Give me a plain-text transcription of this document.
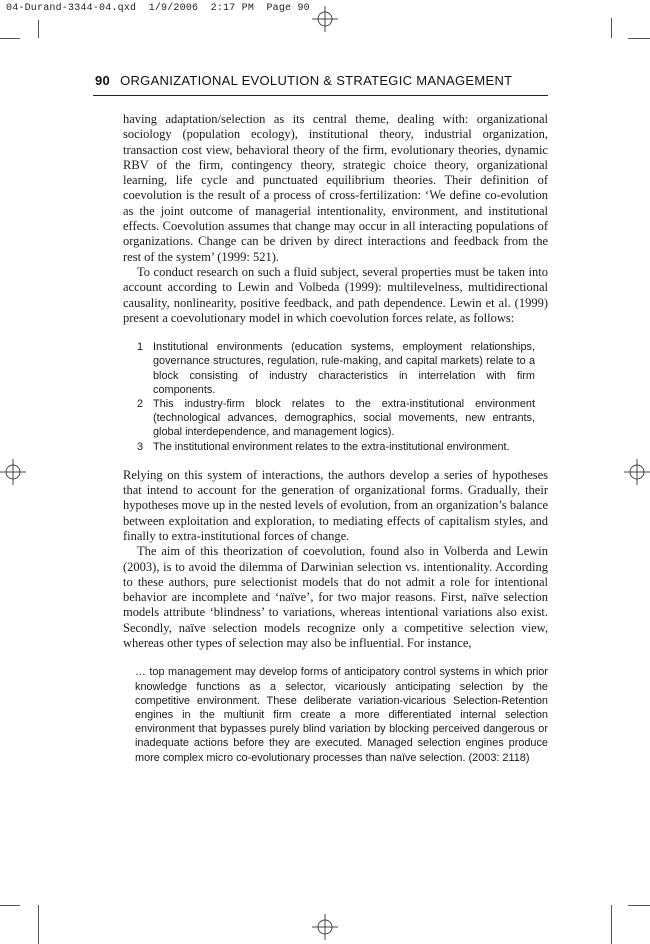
04-Durand-3344-04.qxd  1/9/2006  2:17 PM  Page 90
90 ORGANIZATIONAL EVOLUTION & STRATEGIC MANAGEMENT

having adaptation/selection as its central theme, dealing with: organizational sociology (population ecology), institutional theory, industrial organization, transaction cost view, behavioral theory of the firm, evolutionary theories, dynamic RBV of the firm, contingency theory, strategic choice theory, organizational learning, life cycle and punctuated equilibrium theories. Their definition of coevolution is the result of a process of cross-fertilization: ‘We define co-evolution as the joint outcome of managerial intentionality, environment, and institutional effects. Coevolution assumes that change may occur in all interacting populations of organizations. Change can be driven by direct interactions and feedback from the rest of the system’ (1999: 521).

To conduct research on such a fluid subject, several properties must be taken into account according to Lewin and Volbeda (1999): multilevelness, multidirectional causality, nonlinearity, positive feedback, and path dependence. Lewin et al. (1999) present a coevolutionary model in which coevolution forces relate, as follows:

1 Institutional environments (education systems, employment relationships, governance structures, regulation, rule-making, and capital markets) relate to a block consisting of industry characteristics in interrelation with firm components.
2 This industry-firm block relates to the extra-institutional environment (technological advances, demographics, social movements, new entrants, global interdependence, and management logics).
3 The institutional environment relates to the extra-institutional environment.

Relying on this system of interactions, the authors develop a series of hypotheses that intend to account for the generation of organizational forms. Gradually, their hypotheses move up in the nested levels of evolution, from an organization’s balance between exploitation and exploration, to mediating effects of capitalism styles, and finally to extra-institutional forces of change.

The aim of this theorization of coevolution, found also in Volberda and Lewin (2003), is to avoid the dilemma of Darwinian selection vs. intentionality. According to these authors, pure selectionist models that do not admit a role for intentional behavior are incomplete and ‘naïve’, for two major reasons. First, naïve selection models attribute ‘blindness’ to variations, whereas intentional variations also exist. Secondly, naïve selection models recognize only a competitive selection view, whereas other types of selection may also be influential. For instance,

… top management may develop forms of anticipatory control systems in which prior knowledge functions as a selector, vicariously anticipating selection by the competitive environment. These deliberate variation-vicarious Selection-Retention engines in the multiunit firm create a more differentiated internal selection environment that bypasses purely blind variation by blocking perceived dangerous or inadequate actions before they are executed. Managed selection engines produce more complex micro co-evolutionary processes than naïve selection. (2003: 2118)
